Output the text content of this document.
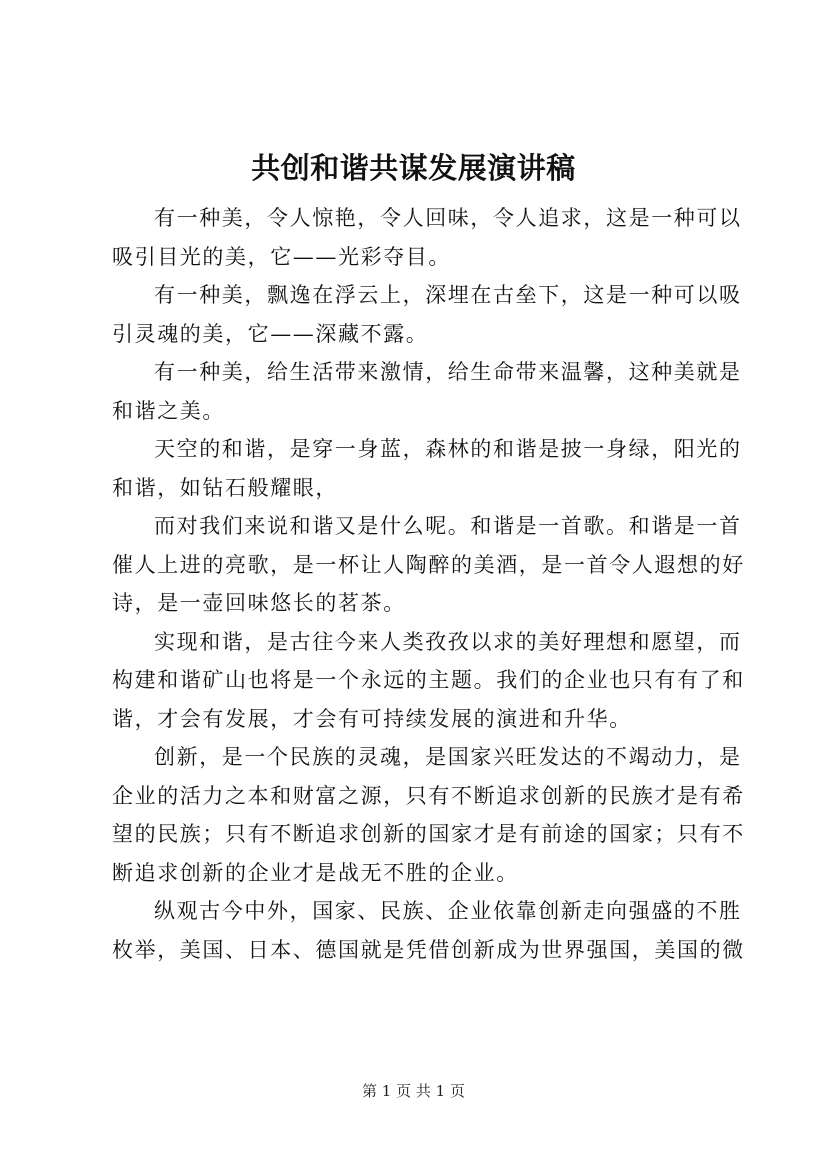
共创和谐共谋发展演讲稿

有一种美，令人惊艳，令人回味，令人追求，这是一种可以
吸引目光的美，它——光彩夺目。

有一种美，飘逸在浮云上，深埋在古垒下，这是一种可以吸
引灵魂的美，它——深藏不露。

有一种美，给生活带来激情，给生命带来温馨，这种美就是
和谐之美。

天空的和谐，是穿一身蓝，森林的和谐是披一身绿，阳光的
和谐，如钻石般耀眼，

而对我们来说和谐又是什么呢。和谐是一首歌。和谐是一首
催人上进的亮歌，是一杯让人陶醉的美酒，是一首令人遐想的好
诗，是一壶回味悠长的茗茶。

实现和谐，是古往今来人类孜孜以求的美好理想和愿望，而
构建和谐矿山也将是一个永远的主题。我们的企业也只有有了和
谐，才会有发展，才会有可持续发展的演进和升华。

创新，是一个民族的灵魂，是国家兴旺发达的不竭动力，是
企业的活力之本和财富之源，只有不断追求创新的民族才是有希
望的民族；只有不断追求创新的国家才是有前途的国家；只有不
断追求创新的企业才是战无不胜的企业。

纵观古今中外，国家、民族、企业依靠创新走向强盛的不胜
枚举，美国、日本、德国就是凭借创新成为世界强国，美国的微

第 1 页 共 1 页
